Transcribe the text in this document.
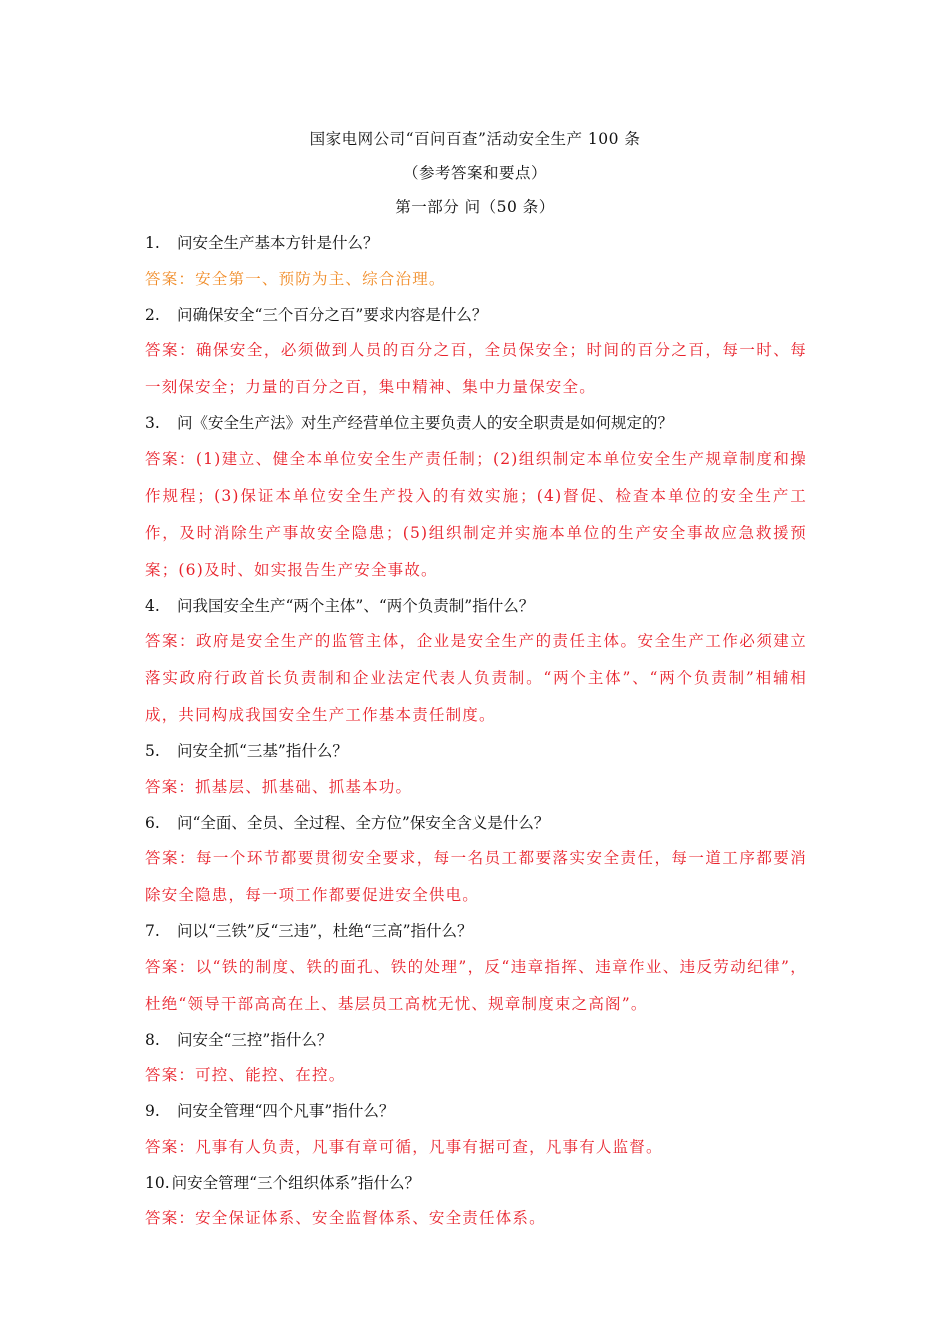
国家电网公司“百问百查”活动安全生产 100 条
（参考答案和要点）
第一部分 问（50 条）

1. 问安全生产基本方针是什么？

答案：安全第一、预防为主、综合治理。

2. 问确保安全“三个百分之百”要求内容是什么？

答案：确保安全，必须做到人员的百分之百，全员保安全；时间的百分之百，每一时、每一刻保安全；力量的百分之百，集中精神、集中力量保安全。

3. 问《安全生产法》对生产经营单位主要负责人的安全职责是如何规定的？

答案：(1)建立、健全本单位安全生产责任制；(2)组织制定本单位安全生产规章制度和操作规程；(3)保证本单位安全生产投入的有效实施；(4)督促、检查本单位的安全生产工作，及时消除生产事故安全隐患；(5)组织制定并实施本单位的生产安全事故应急救援预案；(6)及时、如实报告生产安全事故。

4. 问我国安全生产“两个主体”、“两个负责制”指什么？

答案：政府是安全生产的监管主体，企业是安全生产的责任主体。安全生产工作必须建立落实政府行政首长负责制和企业法定代表人负责制。“两个主体”、“两个负责制”相辅相成，共同构成我国安全生产工作基本责任制度。

5. 问安全抓“三基”指什么？

答案：抓基层、抓基础、抓基本功。

6. 问“全面、全员、全过程、全方位”保安全含义是什么？

答案：每一个环节都要贯彻安全要求，每一名员工都要落实安全责任，每一道工序都要消除安全隐患，每一项工作都要促进安全供电。

7. 问以“三铁”反“三违”，杜绝“三高”指什么？

答案：以“铁的制度、铁的面孔、铁的处理”，反“违章指挥、违章作业、违反劳动纪律”，杜绝“领导干部高高在上、基层员工高枕无忧、规章制度束之高阁”。

8. 问安全“三控”指什么？

答案：可控、能控、在控。

9. 问安全管理“四个凡事”指什么？

答案：凡事有人负责，凡事有章可循，凡事有据可查，凡事有人监督。

10. 问安全管理“三个组织体系”指什么？

答案：安全保证体系、安全监督体系、安全责任体系。
